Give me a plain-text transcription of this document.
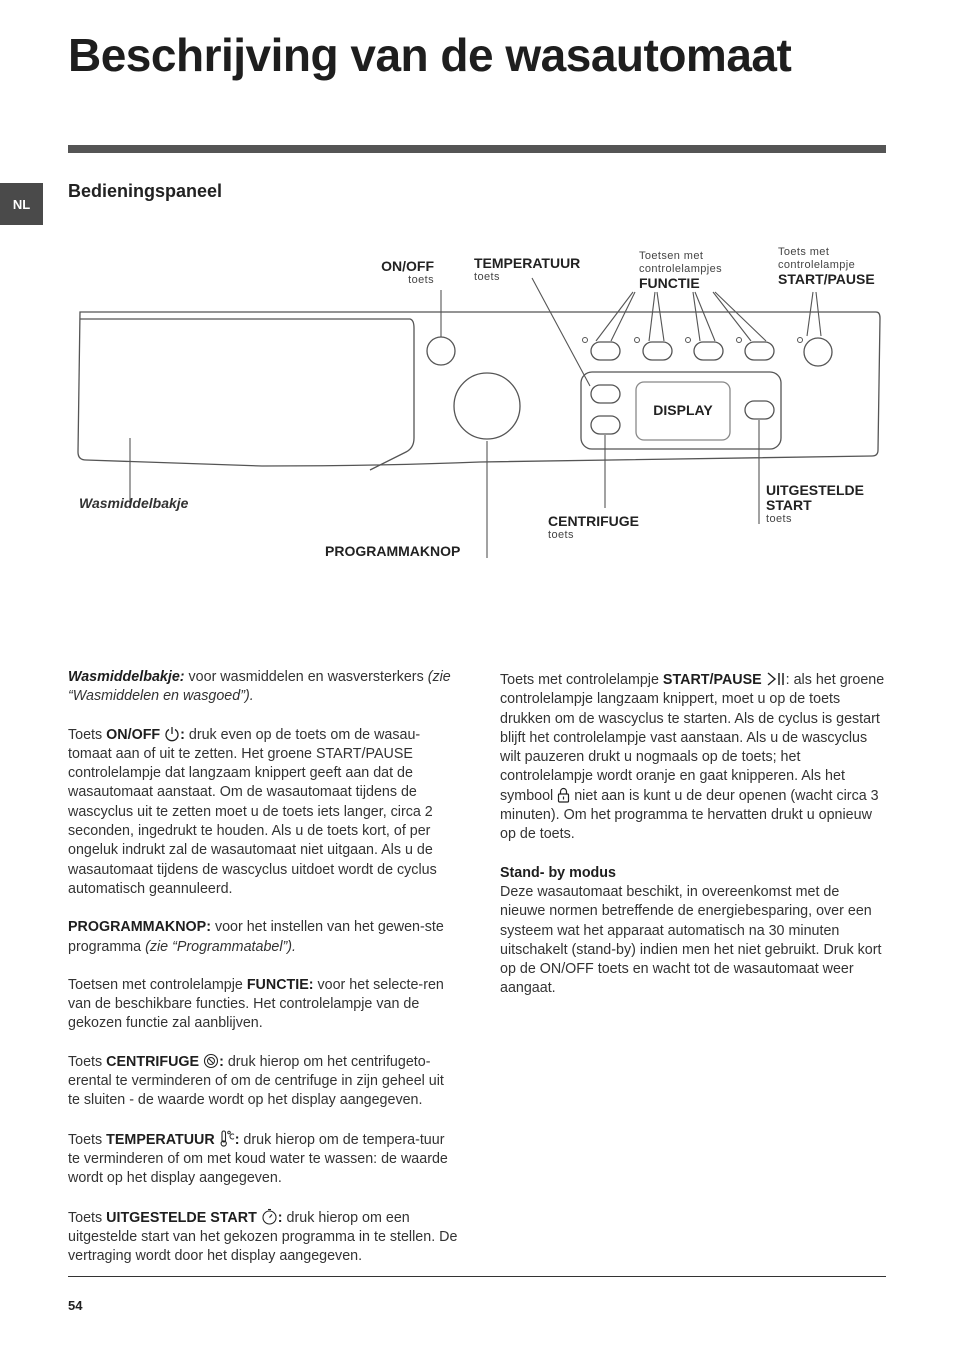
Beschrijving van de wasautomaat
NL
Bedieningspaneel
ON/OFF
toets
TEMPERATUUR
toets
Toetsen met
controlelampjes
FUNCTIE
Toets met
controlelampje
START/PAUSE
DISPLAY
Wasmiddelbakje
PROGRAMMAKNOP
CENTRIFUGE
toets
UITGESTELDE
START
toets

Wasmiddelbakje: voor wasmiddelen en wasversterkers (zie “Wasmiddelen en wasgoed”).

Toets ON/OFF : druk even op de toets om de wasau-tomaat aan of uit te zetten. Het groene START/PAUSE controlelampje dat langzaam knippert geeft aan dat de wasautomaat aanstaat. Om de wasautomaat tijdens de wascyclus uit te zetten moet u de toets iets langer, circa 2 seconden, ingedrukt te houden. Als u de toets kort, of per ongeluk indrukt zal de wasautomaat niet uitgaan. Als u de wasautomaat tijdens de wascyclus uitdoet wordt de cyclus automatisch geannuleerd.

PROGRAMMAKNOP: voor het instellen van het gewen-ste programma (zie “Programmatabel”).

Toetsen met controlelampje FUNCTIE: voor het selecte-ren van de beschikbare functies. Het controlelampje van de gekozen functie zal aanblijven.

Toets CENTRIFUGE : druk hierop om het centrifugeto-erental te verminderen of om de centrifuge in zijn geheel uit te sluiten - de waarde wordt op het display aangegeven.

Toets TEMPERATUUR : druk hierop om de tempera-tuur te verminderen of om met koud water te wassen: de waarde wordt op het display aangegeven.

Toets UITGESTELDE START : druk hierop om een uitgestelde start van het gekozen programma in te stellen. De vertraging wordt door het display aangegeven.

Toets met controlelampje START/PAUSE : als het groene controlelampje langzaam knippert, moet u op de toets drukken om de wascyclus te starten. Als de cyclus is gestart blijft het controlelampje vast aanstaan. Als u de wascyclus wilt pauzeren drukt u nogmaals op de toets; het controlelampje wordt oranje en gaat knipperen. Als het symbool  niet aan is kunt u de deur openen (wacht circa 3 minuten). Om het programma te hervatten drukt u opnieuw op de toets.

Stand- by modus
Deze wasautomaat beschikt, in overeenkomst met de nieuwe normen betreffende de energiebesparing, over een systeem wat het apparaat automatisch na 30 minuten uitschakelt (stand-by) indien men het niet gebruikt. Druk kort op de ON/OFF toets en wacht tot de wasautomaat weer aangaat.

54
